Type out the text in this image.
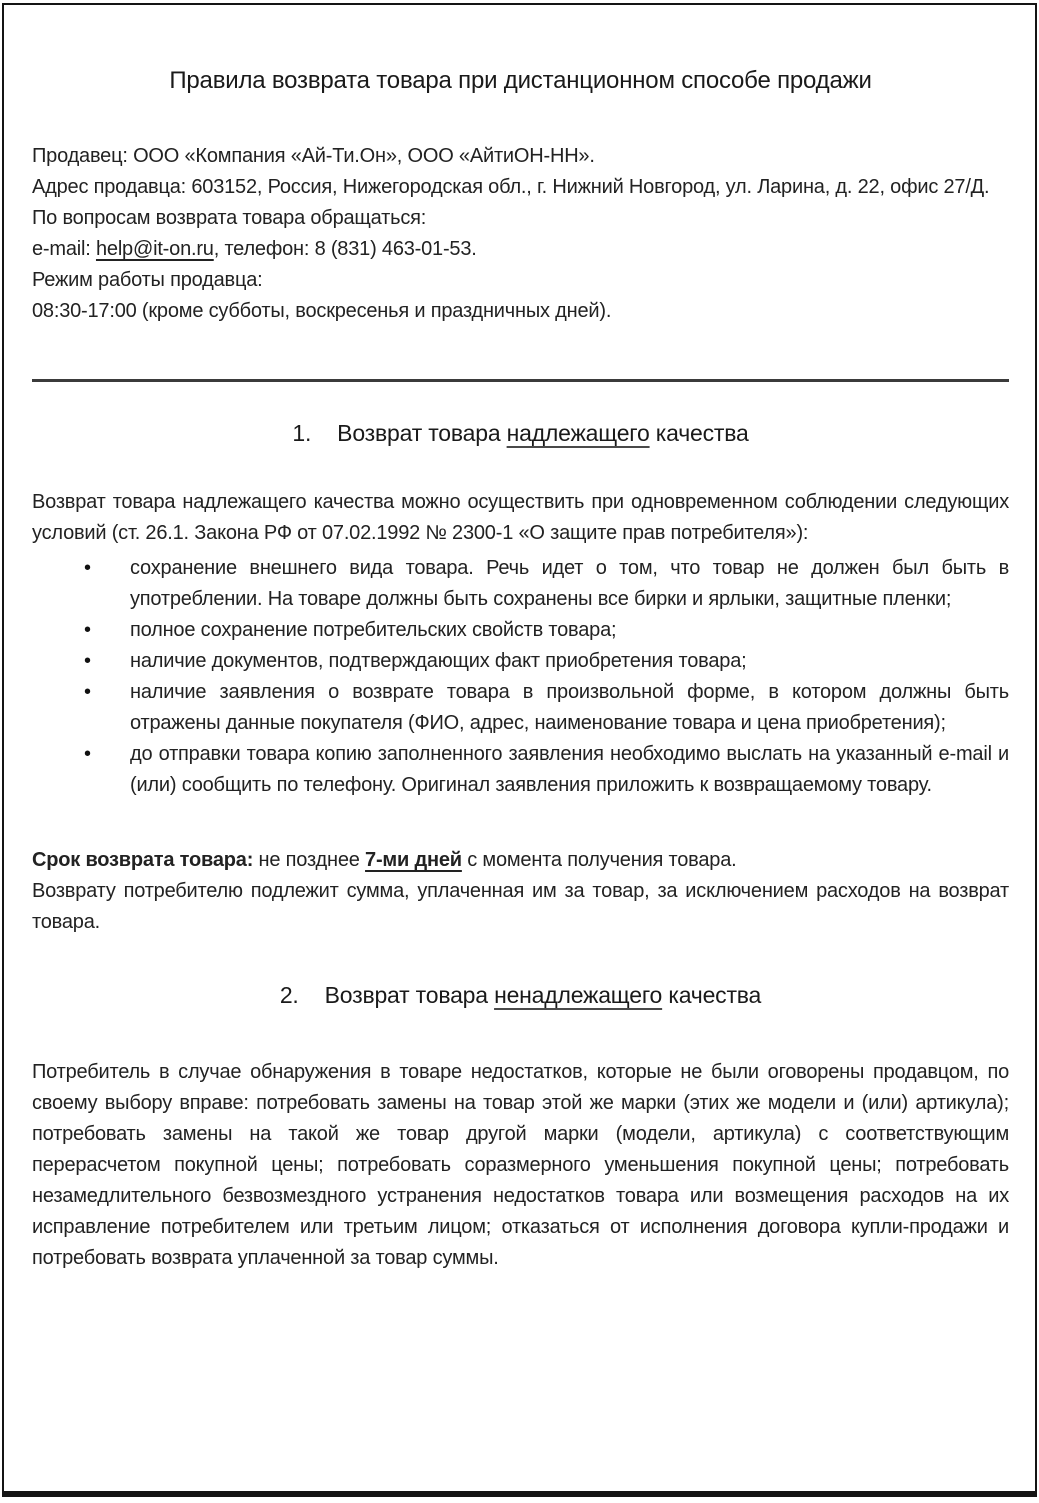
Правила возврата товара при дистанционном способе продажи

Продавец: ООО «Компания «Ай-Ти.Он», ООО «АйтиОН-НН».

Адрес продавца: 603152, Россия, Нижегородская обл., г. Нижний Новгород, ул. Ларина, д. 22, офис 27/Д.

По вопросам возврата товара обращаться:

e-mail: help@it-on.ru, телефон: 8 (831) 463-01-53.

Режим работы продавца:

08:30-17:00 (кроме субботы, воскресенья и праздничных дней).

1. Возврат товара надлежащего качества

Возврат товара надлежащего качества можно осуществить при одновременном соблюдении следующих условий (ст. 26.1. Закона РФ от 07.02.1992 № 2300-1 «О защите прав потребителя»):

•	сохранение внешнего вида товара. Речь идет о том, что товар не должен был быть в употреблении. На товаре должны быть сохранены все бирки и ярлыки, защитные пленки;
•	полное сохранение потребительских свойств товара;
•	наличие документов, подтверждающих факт приобретения товара;
•	наличие заявления о возврате товара в произвольной форме, в котором должны быть отражены данные покупателя (ФИО, адрес, наименование товара и цена приобретения);
•	до отправки товара копию заполненного заявления необходимо выслать на указанный e-mail и (или) сообщить по телефону. Оригинал заявления приложить к возвращаемому товару.

Срок возврата товара: не позднее 7-ми дней с момента получения товара.

Возврату потребителю подлежит сумма, уплаченная им за товар, за исключением расходов на возврат товара.

2. Возврат товара ненадлежащего качества

Потребитель в случае обнаружения в товаре недостатков, которые не были оговорены продавцом, по своему выбору вправе: потребовать замены на товар этой же марки (этих же модели и (или) артикула); потребовать замены на такой же товар другой марки (модели, артикула) с соответствующим перерасчетом покупной цены; потребовать соразмерного уменьшения покупной цены; потребовать незамедлительного безвозмездного устранения недостатков товара или возмещения расходов на их исправление потребителем или третьим лицом; отказаться от исполнения договора купли-продажи и потребовать возврата уплаченной за товар суммы.
